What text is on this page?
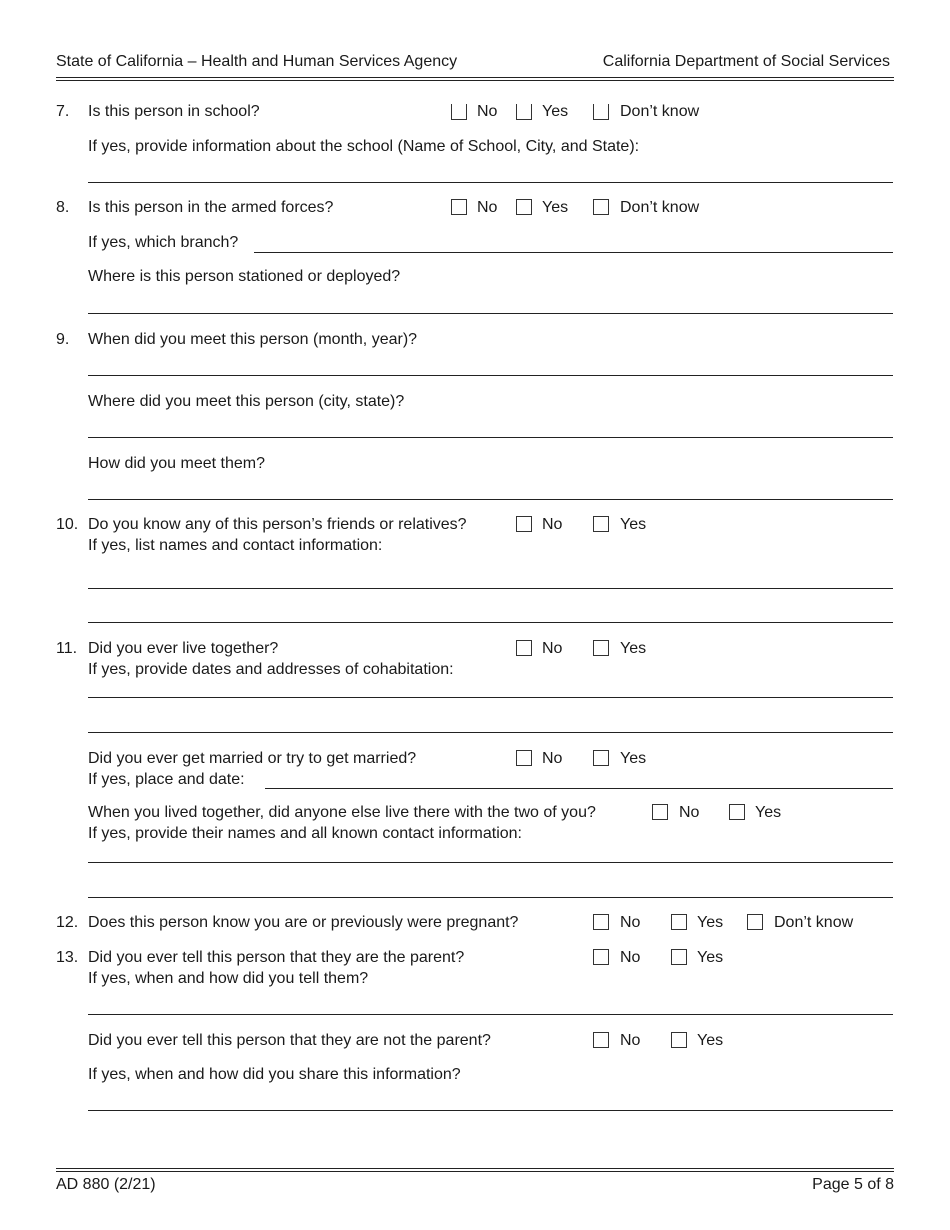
State of California – Health and Human Services Agency	California Department of Social Services
7. Is this person in school?	No	Yes	Don’t know
If yes, provide information about the school (Name of School, City, and State):
8. Is this person in the armed forces?	No	Yes	Don’t know
If yes, which branch?
Where is this person stationed or deployed?
9. When did you meet this person (month, year)?
Where did you meet this person (city, state)?
How did you meet them?
10. Do you know any of this person’s friends or relatives?	No	Yes
If yes, list names and contact information:
11. Did you ever live together?	No	Yes
If yes, provide dates and addresses of cohabitation:
Did you ever get married or try to get married?	No	Yes
If yes, place and date:
When you lived together, did anyone else live there with the two of you?	No	Yes
If yes, provide their names and all known contact information:
12. Does this person know you are or previously were pregnant?	No	Yes	Don’t know
13. Did you ever tell this person that they are the parent?	No	Yes
If yes, when and how did you tell them?
Did you ever tell this person that they are not the parent?	No	Yes
If yes, when and how did you share this information?
AD 880 (2/21)	Page 5 of 8
